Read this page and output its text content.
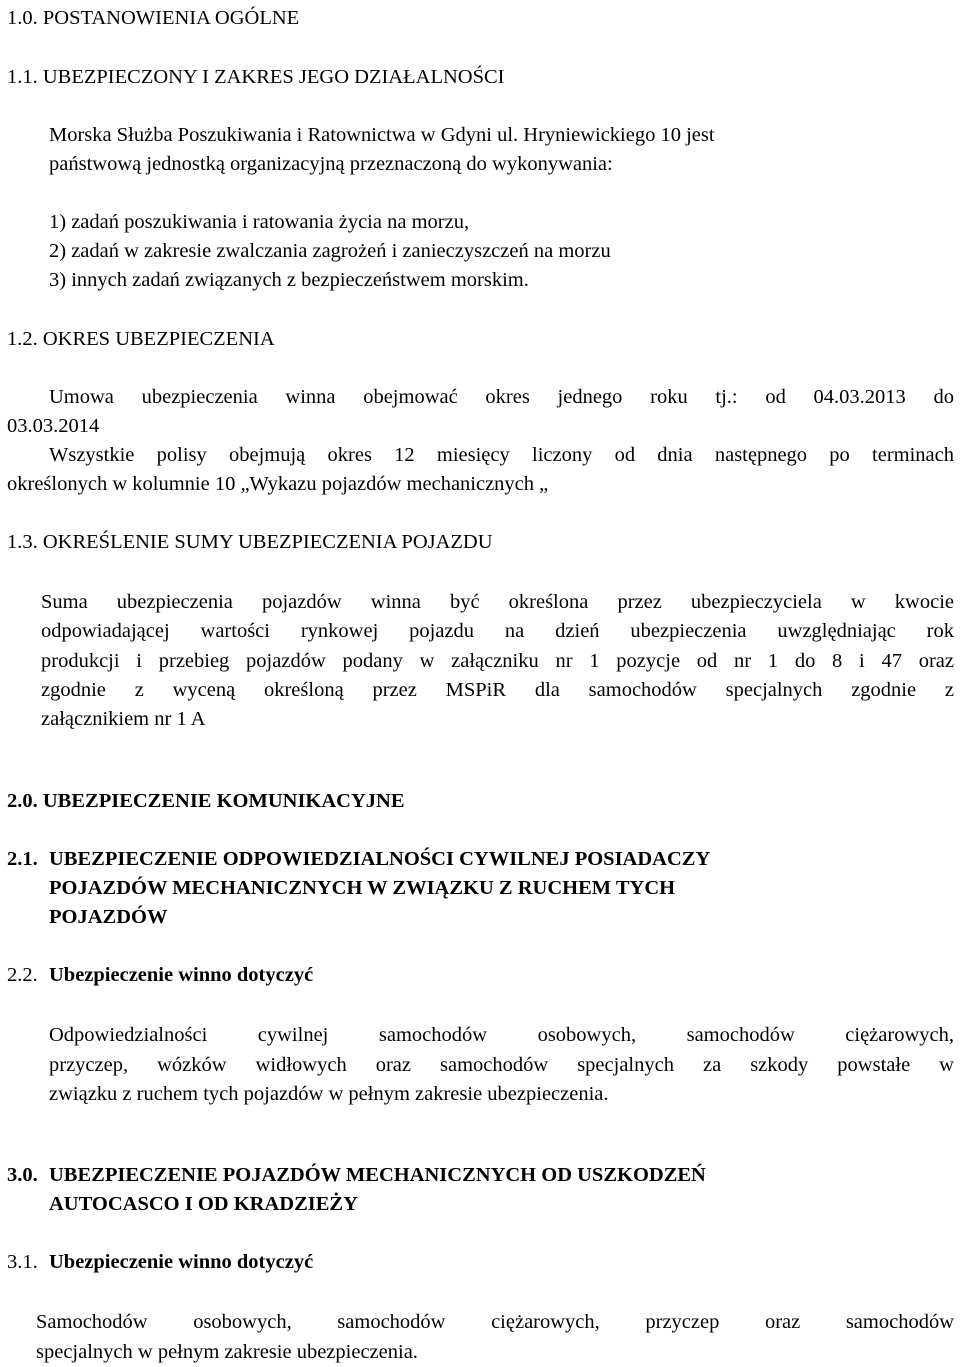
1.0. POSTANOWIENIA OGÓLNE
1.1. UBEZPIECZONY I ZAKRES JEGO DZIAŁALNOŚCI
Morska Służba Poszukiwania i Ratownictwa w Gdyni ul. Hryniewickiego 10 jest
państwową jednostką organizacyjną przeznaczoną do wykonywania:
1) zadań poszukiwania i ratowania życia na morzu,
2) zadań w zakresie zwalczania zagrożeń i zanieczyszczeń na morzu
3) innych zadań związanych z bezpieczeństwem morskim.
1.2. OKRES UBEZPIECZENIA
Umowa ubezpieczenia winna obejmować okres jednego roku tj.: od 04.03.2013 do
03.03.2014
Wszystkie polisy obejmują okres 12 miesięcy liczony od dnia następnego po terminach
określonych w kolumnie 10 „Wykazu pojazdów mechanicznych „
1.3. OKREŚLENIE SUMY UBEZPIECZENIA POJAZDU
Suma ubezpieczenia pojazdów winna być określona przez ubezpieczyciela w kwocie
odpowiadającej wartości rynkowej pojazdu na dzień ubezpieczenia uwzględniając rok
produkcji i przebieg pojazdów podany w załączniku nr 1 pozycje od nr 1 do 8 i 47 oraz
zgodnie z wyceną określoną przez MSPiR dla samochodów specjalnych zgodnie z
załącznikiem nr 1 A
2.0. UBEZPIECZENIE KOMUNIKACYJNE
2.1. UBEZPIECZENIE ODPOWIEDZIALNOŚCI CYWILNEJ POSIADACZY
POJAZDÓW MECHANICZNYCH W ZWIĄZKU Z RUCHEM TYCH
POJAZDÓW
2.2. Ubezpieczenie winno dotyczyć
Odpowiedzialności cywilnej samochodów osobowych, samochodów ciężarowych,
przyczep, wózków widłowych oraz samochodów specjalnych za szkody powstałe w
związku z ruchem tych pojazdów w pełnym zakresie ubezpieczenia.
3.0. UBEZPIECZENIE POJAZDÓW MECHANICZNYCH OD USZKODZEŃ
AUTOCASCO I OD KRADZIEŻY
3.1. Ubezpieczenie winno dotyczyć
Samochodów osobowych, samochodów ciężarowych, przyczep oraz samochodów
specjalnych w pełnym zakresie ubezpieczenia.
